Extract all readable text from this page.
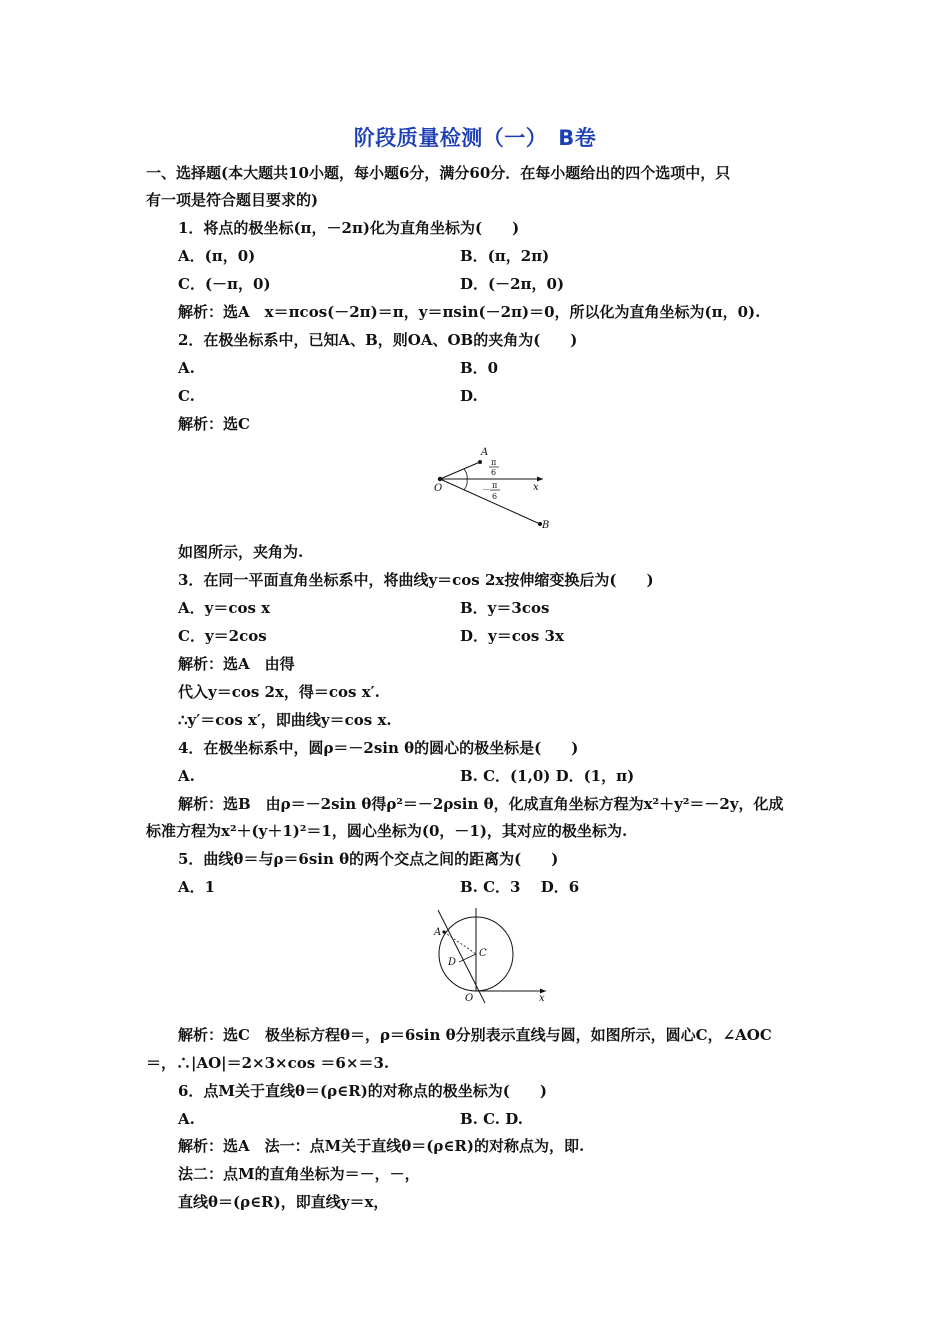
阶段质量检测（一）　B卷
一、选择题(本大题共10小题，每小题6分，满分60分．在每小题给出的四个选项中，只
有一项是符合题目要求的)
1．将点的极坐标(π，－2π)化为直角坐标为(　　)
A．(π，0)	B．(π，2π)
C．(－π，0)	D．(－2π，0)
解析：选A　x＝πcos(－2π)＝π，y＝πsin(－2π)＝0，所以化为直角坐标为(π，0).
2．在极坐标系中，已知A、B，则OA、OB的夹角为(　　)
A.	B．0
C.	D.
解析：选C
A
B
O	x
π
6
－ π
6
如图所示，夹角为.
3．在同一平面直角坐标系中，将曲线y＝cos 2x按伸缩变换后为(　　)
A．y＝cos x	B．y＝3cos
C．y＝2cos	D．y＝cos 3x
解析：选A　由得
代入y＝cos 2x，得＝cos x′.
∴y′＝cos x′，即曲线y＝cos x.
4．在极坐标系中，圆ρ＝－2sin θ的圆心的极坐标是(　　)
A.	B. C．(1,0) D．(1，π)
解析：选B　由ρ＝－2sin θ得ρ²＝－2ρsin θ，化成直角坐标方程为x²＋y²＝－2y，化成
标准方程为x²＋(y＋1)²＝1，圆心坐标为(0，－1)，其对应的极坐标为.
5．曲线θ＝与ρ＝6sin θ的两个交点之间的距离为(　　)
A．1	B. C．3　 D．6
A
C
D
O	x
解析：选C　极坐标方程θ＝，ρ＝6sin θ分别表示直线与圆，如图所示，圆心C，∠AOC
＝，∴|AO|＝2×3×cos ＝6×＝3.
6．点M关于直线θ＝(ρ∈R)的对称点的极坐标为(　　)
A.	B. C. D.
解析：选A　法一：点M关于直线θ＝(ρ∈R)的对称点为，即.
法二：点M的直角坐标为＝－，－，
直线θ＝(ρ∈R)，即直线y＝x，
